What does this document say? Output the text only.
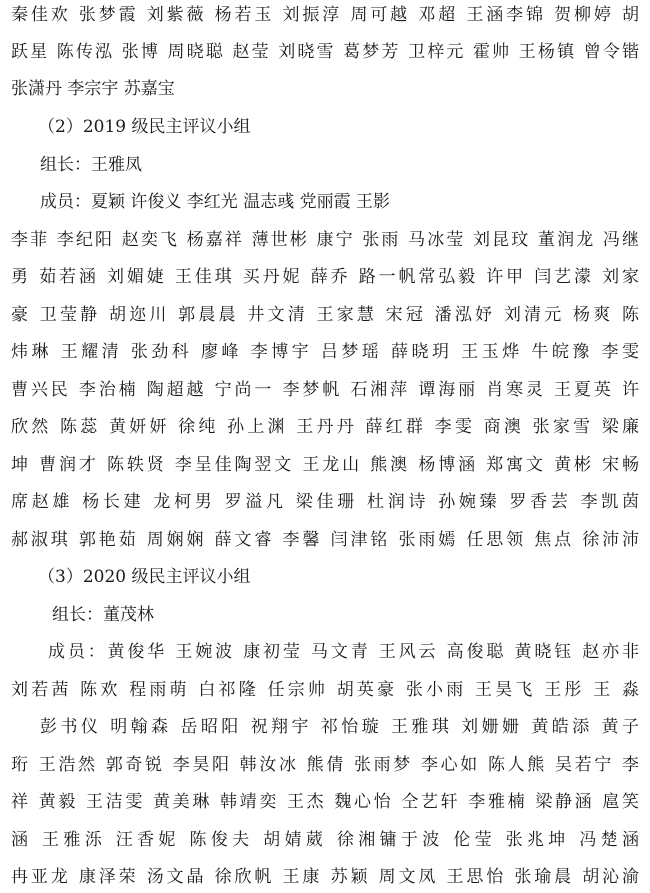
秦佳欢 张梦霞 刘紫薇 杨若玉 刘振淳 周可越 邓超 王涵李锦 贺柳婷 胡
跃星 陈传泓 张博 周晓聪 赵莹 刘晓雪 葛梦芳 卫梓元 霍帅 王杨镇 曾令锴
张潇丹 李宗宇 苏嘉宝
（2）2019 级民主评议小组
组长：王雅凤
成员：夏颖 许俊义 李红光 温志彧 党丽霞 王影
李菲 李纪阳 赵奕飞 杨嘉祥 薄世彬 康宁 张雨 马冰莹 刘昆玟 董润龙 冯继
勇 茹若涵 刘媚婕 王佳琪 买丹妮 薛乔 路一帆常弘毅 许甲 闫艺濛 刘家
豪 卫莹静 胡迩川 郭晨晨 井文清 王家慧 宋冠 潘泓妤 刘清元 杨爽 陈
炜琳 王耀清 张劲科 廖峰 李博宇 吕梦瑶 薛晓玥 王玉烨 牛皖豫 李雯
曹兴民 李治楠 陶超越 宁尚一 李梦帆 石湘萍 谭海丽 肖寒灵 王夏英 许
欣然 陈蕊 黄妍妍 徐纯 孙上渊 王丹丹 薛红群 李雯 商澳 张家雪 梁廉
坤 曹润才 陈轶贤 李呈佳陶翌文 王龙山 熊澳 杨博涵 郑寓文 黄彬 宋畅
席赵雄 杨长建 龙柯男 罗溢凡 梁佳珊 杜润诗 孙婉臻 罗香芸 李凯茵
郝淑琪 郭艳茹 周娴娴 薛文睿 李馨 闫津铭 张雨嫣 任思领 焦点 徐沛沛
（3）2020 级民主评议小组
组长：董茂林
成员：黄俊华 王婉波 康初莹 马文青 王风云 高俊聪 黄晓钰 赵亦非
刘若茜 陈欢 程雨萌 白祁隆 任宗帅 胡英豪 张小雨 王昊飞 王彤 王 淼
彭书仪 明翰森 岳昭阳 祝翔宇 祁怡璇 王雅琪 刘姗姗 黄皓添 黄子
珩 王浩然 郭奇锐 李昊阳 韩汝冰 熊倩 张雨梦 李心如 陈人熊 吴若宁 李
祥 黄毅 王洁雯 黄美琳 韩靖奕 王杰 魏心怡 仝艺轩 李雅楠 梁静涵 扈笑
涵 王雅泺 汪香妮 陈俊夫 胡婧葳 徐湘镛于波 伦莹 张兆坤 冯楚涵
冉亚龙 康泽荣 汤文晶 徐欣帆 王康 苏颖 周文凤 王思怡 张瑜晨 胡沁渝
